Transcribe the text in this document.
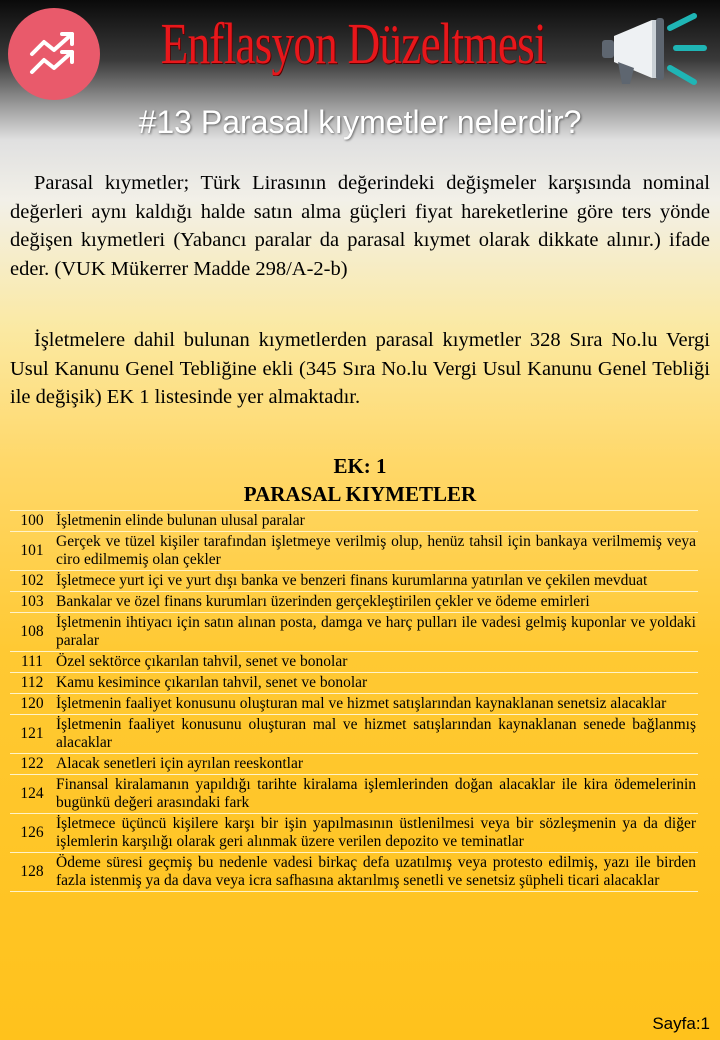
Enflasyon Düzeltmesi
#13 Parasal kıymetler nelerdir?

Parasal kıymetler; Türk Lirasının değerindeki değişmeler karşısında nominal değerleri aynı kaldığı halde satın alma güçleri fiyat hareketlerine göre ters yönde değişen kıymetleri (Yabancı paralar da parasal kıymet olarak dikkate alınır.) ifade eder. (VUK Mükerrer Madde 298/A-2-b)

İşletmelere dahil bulunan kıymetlerden parasal kıymetler 328 Sıra No.lu Vergi Usul Kanunu Genel Tebliğine ekli (345 Sıra No.lu Vergi Usul Kanunu Genel Tebliği ile değişik) EK 1 listesinde yer almaktadır.

EK: 1
PARASAL KIYMETLER
100	İşletmenin elinde bulunan ulusal paralar
101	Gerçek ve tüzel kişiler tarafından işletmeye verilmiş olup, henüz tahsil için bankaya verilmemiş veya ciro edilmemiş olan çekler
102	İşletmece yurt içi ve yurt dışı banka ve benzeri finans kurumlarına yatırılan ve çekilen mevduat
103	Bankalar ve özel finans kurumları üzerinden gerçekleştirilen çekler ve ödeme emirleri
108	İşletmenin ihtiyacı için satın alınan posta, damga ve harç pulları ile vadesi gelmiş kuponlar ve yoldaki paralar
111	Özel sektörce çıkarılan tahvil, senet ve bonolar
112	Kamu kesimince çıkarılan tahvil, senet ve bonolar
120	İşletmenin faaliyet konusunu oluşturan mal ve hizmet satışlarından kaynaklanan senetsiz alacaklar
121	İşletmenin faaliyet konusunu oluşturan mal ve hizmet satışlarından kaynaklanan senede bağlanmış alacaklar
122	Alacak senetleri için ayrılan reeskontlar
124	Finansal kiralamanın yapıldığı tarihte kiralama işlemlerinden doğan alacaklar ile kira ödemelerinin bugünkü değeri arasındaki fark
126	İşletmece üçüncü kişilere karşı bir işin yapılmasının üstlenilmesi veya bir sözleşmenin ya da diğer işlemlerin karşılığı olarak geri alınmak üzere verilen depozito ve teminatlar
128	Ödeme süresi geçmiş bu nedenle vadesi birkaç defa uzatılmış veya protesto edilmiş, yazı ile birden fazla istenmiş ya da dava veya icra safhasına aktarılmış senetli ve senetsiz şüpheli ticari alacaklar
Sayfa:1
